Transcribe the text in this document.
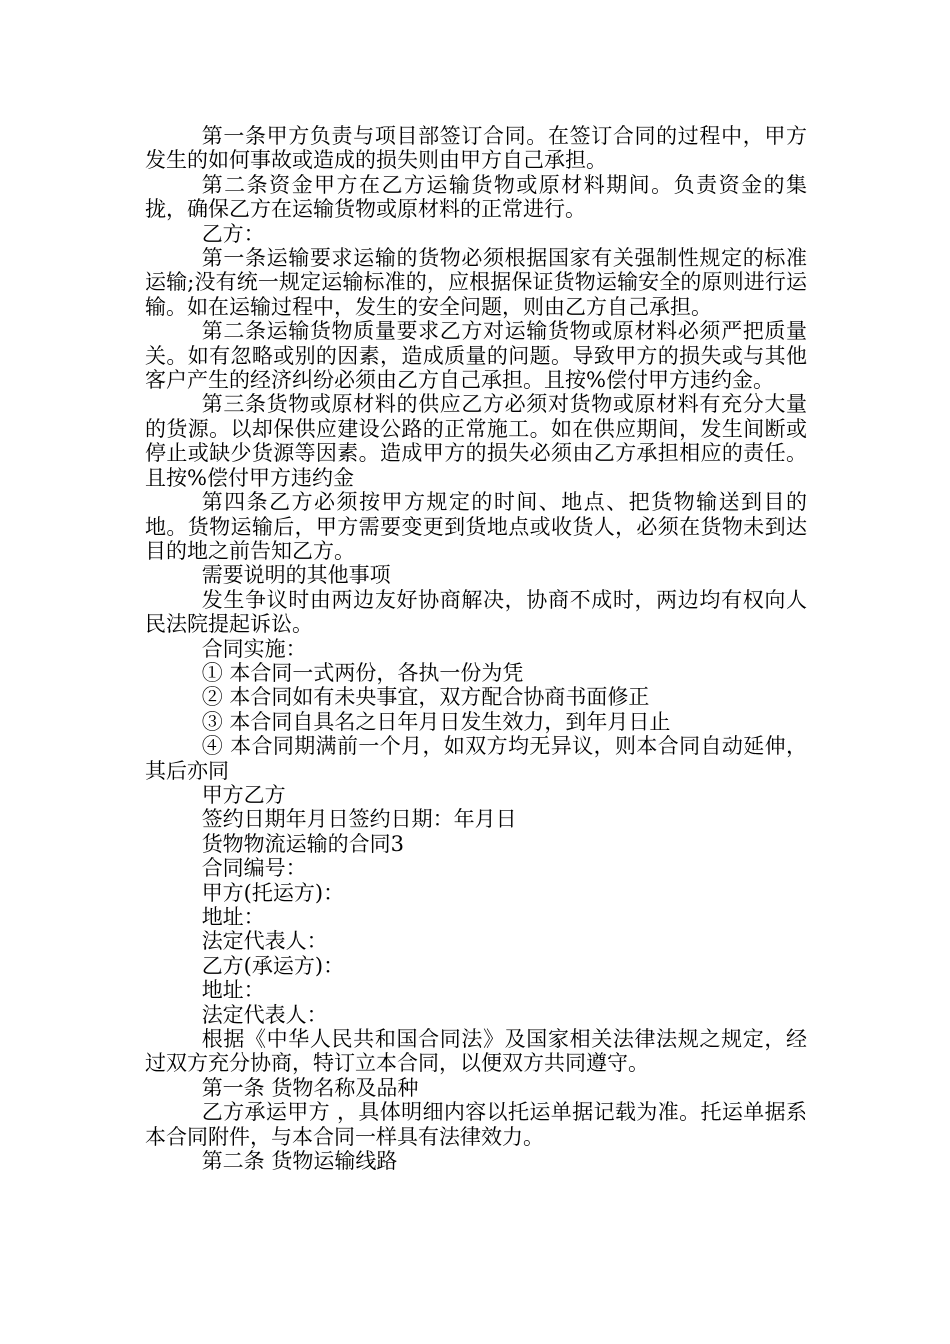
第一条甲方负责与项目部签订合同。在签订合同的过程中，甲方发生的如何事故或造成的损失则由甲方自己承担。

第二条资金甲方在乙方运输货物或原材料期间。负责资金的集拢，确保乙方在运输货物或原材料的正常进行。

乙方：

第一条运输要求运输的货物必须根据国家有关强制性规定的标准运输;没有统一规定运输标准的，应根据保证货物运输安全的原则进行运输。如在运输过程中，发生的安全问题，则由乙方自己承担。

第二条运输货物质量要求乙方对运输货物或原材料必须严把质量关。如有忽略或别的因素，造成质量的问题。导致甲方的损失或与其他客户产生的经济纠纷必须由乙方自己承担。且按%偿付甲方违约金。

第三条货物或原材料的供应乙方必须对货物或原材料有充分大量的货源。以却保供应建设公路的正常施工。如在供应期间，发生间断或停止或缺少货源等因素。造成甲方的损失必须由乙方承担相应的责任。且按%偿付甲方违约金

第四条乙方必须按甲方规定的时间、地点、把货物输送到目的地。货物运输后，甲方需要变更到货地点或收货人，必须在货物未到达目的地之前告知乙方。

需要说明的其他事项

发生争议时由两边友好协商解决，协商不成时，两边均有权向人民法院提起诉讼。

合同实施：

① 本合同一式两份，各执一份为凭

② 本合同如有未央事宜，双方配合协商书面修正

③ 本合同自具名之日年月日发生效力，到年月日止

④ 本合同期满前一个月，如双方均无异议，则本合同自动延伸，其后亦同

甲方乙方

签约日期年月日签约日期：年月日

货物物流运输的合同3

合同编号：

甲方(托运方)：

地址：

法定代表人：

乙方(承运方)：

地址：

法定代表人：

根据《中华人民共和国合同法》及国家相关法律法规之规定，经过双方充分协商，特订立本合同，以便双方共同遵守。

第一条 货物名称及品种

乙方承运甲方 ，具体明细内容以托运单据记载为准。托运单据系本合同附件，与本合同一样具有法律效力。

第二条 货物运输线路
